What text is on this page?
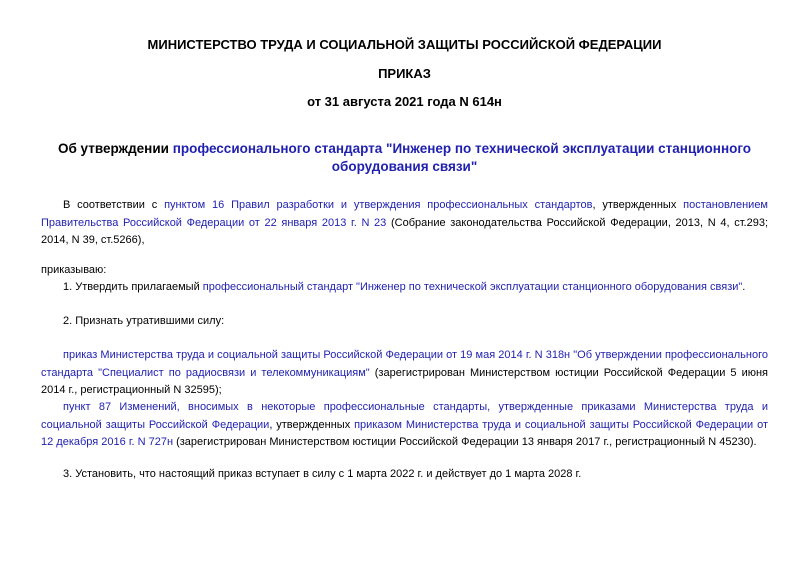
МИНИСТЕРСТВО ТРУДА И СОЦИАЛЬНОЙ ЗАЩИТЫ РОССИЙСКОЙ ФЕДЕРАЦИИ

ПРИКАЗ

от 31 августа 2021 года N 614н

Об утверждении профессионального стандарта "Инженер по технической эксплуатации станционного оборудования связи"

В соответствии с пунктом 16 Правил разработки и утверждения профессиональных стандартов, утвержденных постановлением Правительства Российской Федерации от 22 января 2013 г. N 23 (Собрание законодательства Российской Федерации, 2013, N 4, ст.293; 2014, N 39, ст.5266),

приказываю:

1. Утвердить прилагаемый профессиональный стандарт "Инженер по технической эксплуатации станционного оборудования связи".

2. Признать утратившими силу:

приказ Министерства труда и социальной защиты Российской Федерации от 19 мая 2014 г. N 318н "Об утверждении профессионального стандарта "Специалист по радиосвязи и телекоммуникациям" (зарегистрирован Министерством юстиции Российской Федерации 5 июня 2014 г., регистрационный N 32595);

пункт 87 Изменений, вносимых в некоторые профессиональные стандарты, утвержденные приказами Министерства труда и социальной защиты Российской Федерации, утвержденных приказом Министерства труда и социальной защиты Российской Федерации от 12 декабря 2016 г. N 727н (зарегистрирован Министерством юстиции Российской Федерации 13 января 2017 г., регистрационный N 45230).

3. Установить, что настоящий приказ вступает в силу с 1 марта 2022 г. и действует до 1 марта 2028 г.
